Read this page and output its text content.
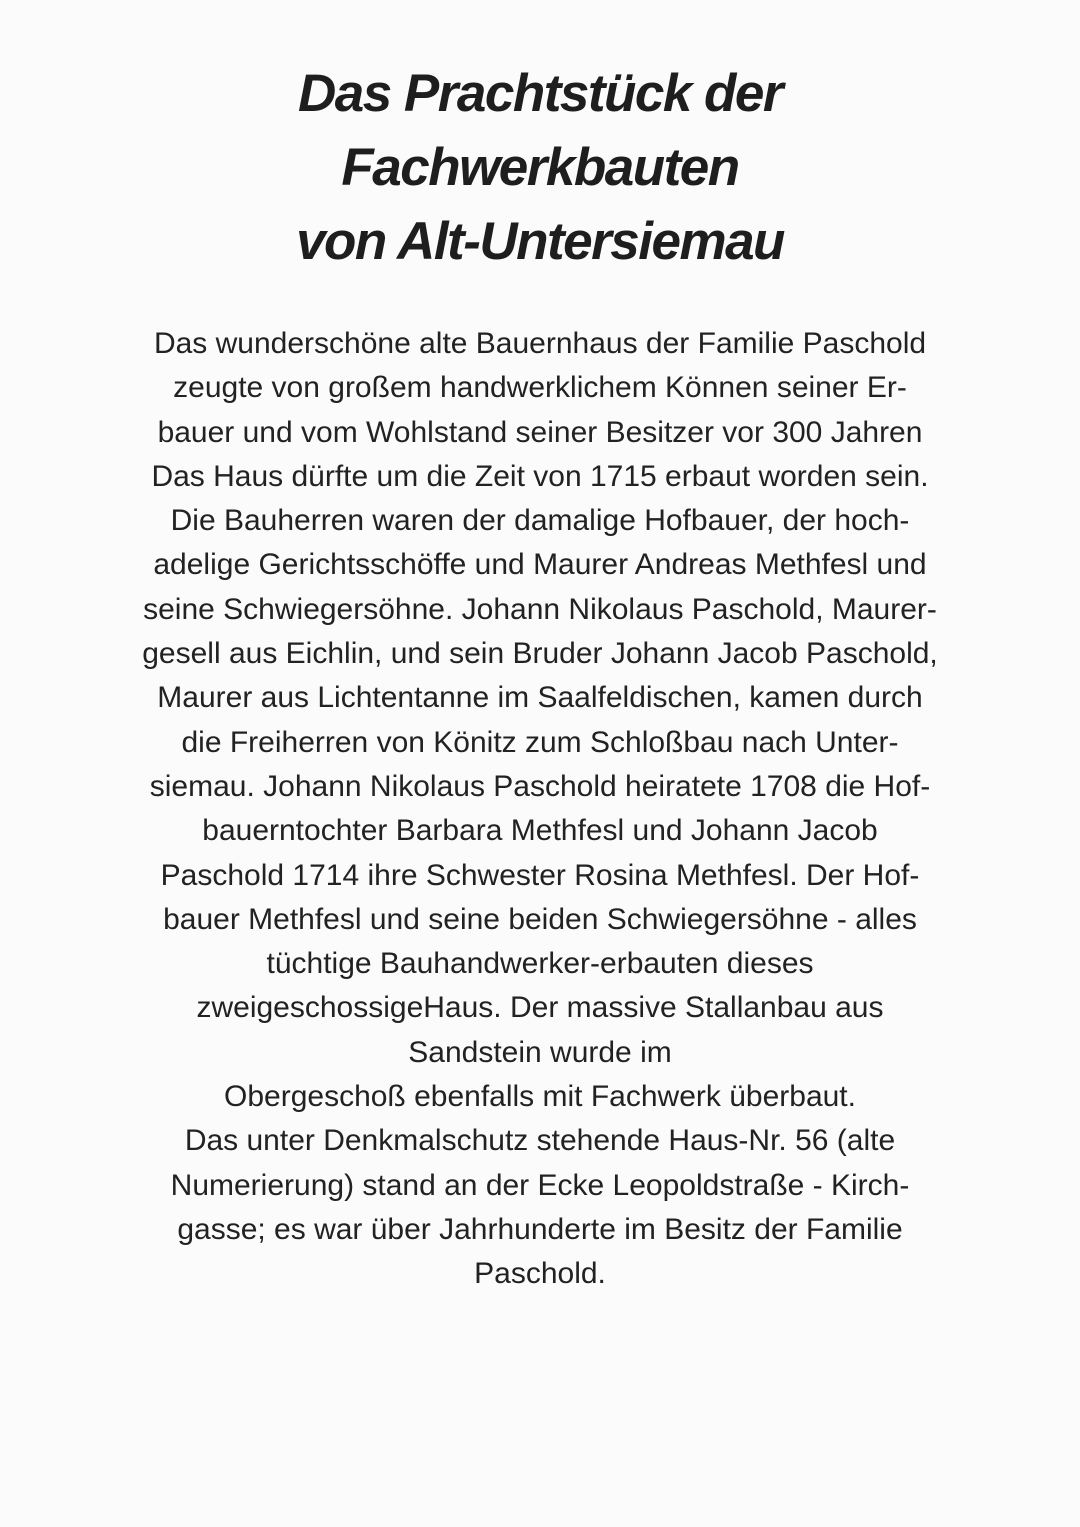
Das Prachtstück der
Fachwerkbauten
von Alt-Untersiemau
Das wunderschöne alte Bauernhaus der Familie Paschold
zeugte von großem handwerklichem Können seiner Er-
bauer und vom Wohlstand seiner Besitzer vor 300 Jahren
Das Haus dürfte um die Zeit von 1715 erbaut worden sein.
Die Bauherren waren der damalige Hofbauer, der hoch-
adelige Gerichtsschöffe und Maurer Andreas Methfesl und
seine Schwiegersöhne. Johann Nikolaus Paschold, Maurer-
gesell aus Eichlin, und sein Bruder Johann Jacob Paschold,
Maurer aus Lichtentanne im Saalfeldischen, kamen durch
die Freiherren von Könitz zum Schloßbau nach Unter-
siemau. Johann Nikolaus Paschold heiratete 1708 die Hof-
bauerntochter Barbara Methfesl und Johann Jacob
Paschold 1714 ihre Schwester Rosina Methfesl. Der Hof-
bauer Methfesl und seine beiden Schwiegersöhne - alles
tüchtige Bauhandwerker-erbauten dieses
zweigeschossigeHaus. Der massive Stallanbau aus
Sandstein wurde im
Obergeschoß ebenfalls mit Fachwerk überbaut.
Das unter Denkmalschutz stehende Haus-Nr. 56 (alte
Numerierung) stand an der Ecke Leopoldstraße - Kirch-
gasse; es war über Jahrhunderte im Besitz der Familie
Paschold.
